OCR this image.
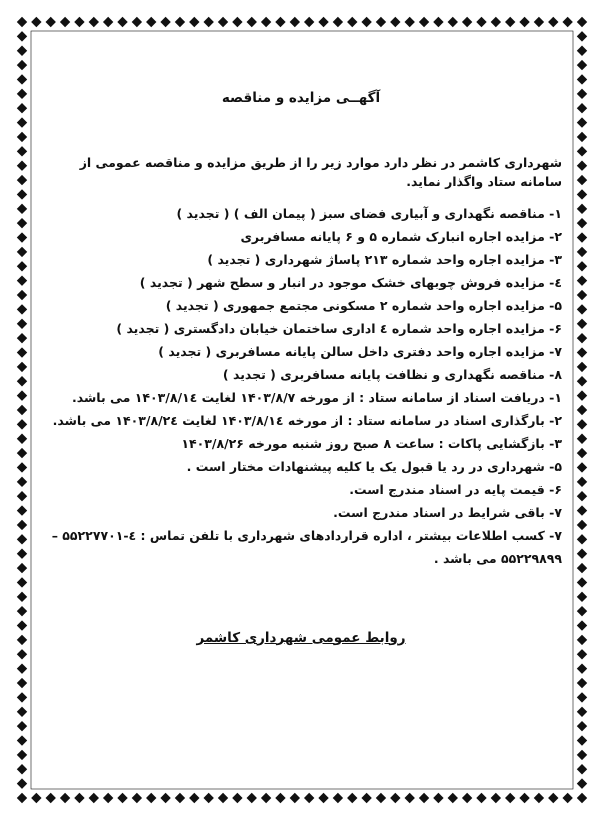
آگهــی مزایده و مناقصه
شهرداری کاشمر در نظر دارد موارد زیر را از طریق مزایده و مناقصه عمومی از سامانه ستاد واگذار نماید.
۱- مناقصه نگهداری و آبیاری فضای سبز ( پیمان الف ) ( تجدید )
۲- مزایده اجاره انبارک شماره ۵ و ۶ پایانه مسافربری
۳- مزایده اجاره واحد شماره ۲۱۳ پاساژ شهرداری ( تجدید )
٤- مزایده فروش چوبهای خشک موجود در انبار و سطح شهر ( تجدید )
۵- مزایده اجاره واحد شماره ۲ مسکونی مجتمع جمهوری ( تجدید )
۶- مزایده اجاره واحد شماره ٤ اداری ساختمان خیابان دادگستری ( تجدید )
۷- مزایده اجاره واحد دفتری داخل سالن پایانه مسافربری ( تجدید )
۸- مناقصه نگهداری و نظافت پایانه مسافربری ( تجدید )
۱- دریافت اسناد از سامانه ستاد : از مورخه ۱۴۰۳/۸/۷ لغایت ۱۴۰۳/۸/۱٤ می باشد.
۲- بارگذاری اسناد در سامانه ستاد : از مورخه ۱۴۰۳/۸/۱٤ لغایت ۱۴۰۳/۸/۲٤ می باشد.
۳- بازگشایی پاکات : ساعت ۸ صبح روز شنبه مورخه ۱۴۰۳/۸/۲۶
۵- شهرداری در رد یا قبول یک یا کلیه پیشنهادات مختار است .
۶- قیمت پایه در اسناد مندرج است.
۷- باقی شرایط در اسناد مندرج است.
۷- کسب اطلاعات بیشتر ، اداره قراردادهای شهرداری با تلفن تماس : ٤-۵۵۲۲۷۷۰۱ – ۵۵۲۲۹۸۹۹ می باشد .
روابط عمومی شهرداری کاشمر
